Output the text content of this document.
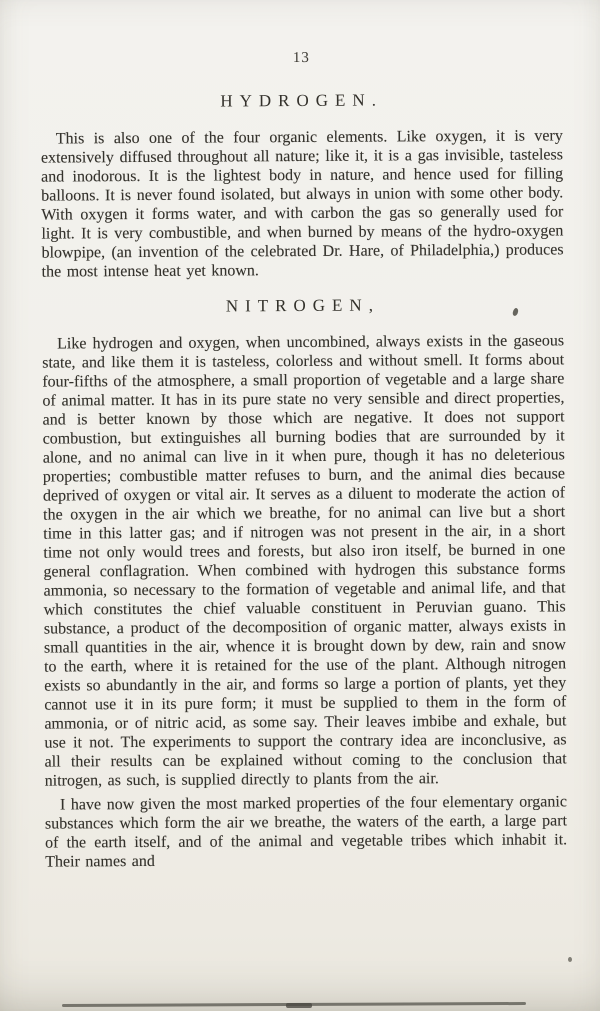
13
HYDROGEN.

This is also one of the four organic elements. Like oxygen, it is very extensively diffused throughout all nature; like it, it is a gas invisible, tasteless and inodorous. It is the lightest body in nature, and hence used for filling balloons. It is never found isolated, but always in union with some other body. With oxygen it forms water, and with carbon the gas so generally used for light. It is very combustible, and when burned by means of the hydro-oxygen blowpipe, (an invention of the celebrated Dr. Hare, of Philadelphia,) produces the most intense heat yet known.

NITROGEN,

Like hydrogen and oxygen, when uncombined, always exists in the gaseous state, and like them it is tasteless, colorless and without smell. It forms about four-fifths of the atmosphere, a small proportion of vegetable and a large share of animal matter. It has in its pure state no very sensible and direct properties, and is better known by those which are negative. It does not support combustion, but extinguishes all burning bodies that are surrounded by it alone, and no animal can live in it when pure, though it has no deleterious properties; combustible matter refuses to burn, and the animal dies because deprived of oxygen or vital air. It serves as a diluent to moderate the action of the oxygen in the air which we breathe, for no animal can live but a short time in this latter gas; and if nitrogen was not present in the air, in a short time not only would trees and forests, but also iron itself, be burned in one general conflagration. When combined with hydrogen this substance forms ammonia, so necessary to the formation of vegetable and animal life, and that which constitutes the chief valuable constituent in Peruvian guano. This substance, a product of the decomposition of organic matter, always exists in small quantities in the air, whence it is brought down by dew, rain and snow to the earth, where it is retained for the use of the plant. Although nitrogen exists so abundantly in the air, and forms so large a portion of plants, yet they cannot use it in its pure form; it must be supplied to them in the form of ammonia, or of nitric acid, as some say. Their leaves imbibe and exhale, but use it not. The experiments to support the contrary idea are inconclusive, as all their results can be explained without coming to the conclusion that nitrogen, as such, is supplied directly to plants from the air.

I have now given the most marked properties of the four elementary organic substances which form the air we breathe, the waters of the earth, a large part of the earth itself, and of the animal and vegetable tribes which inhabit it. Their names and
